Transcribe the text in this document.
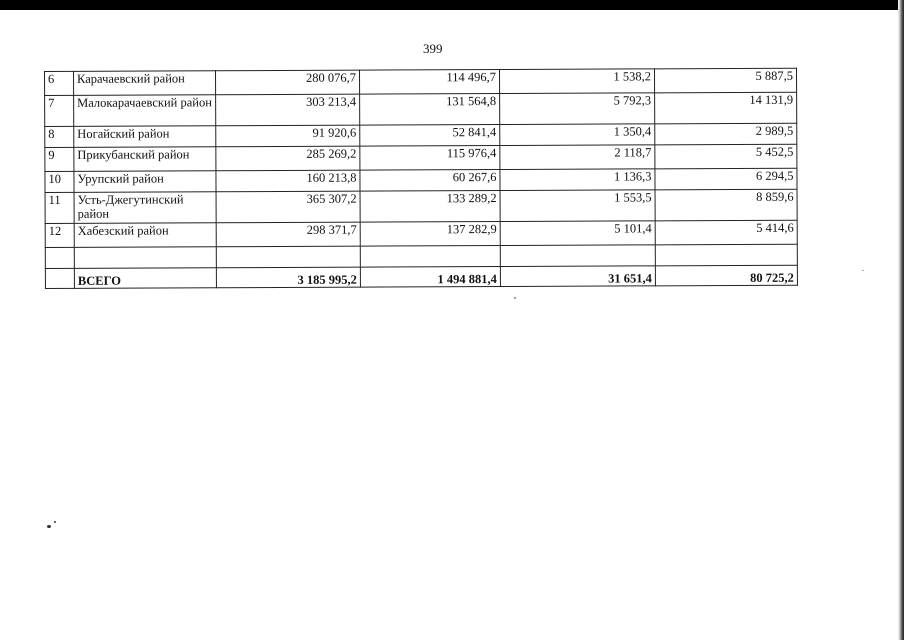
399
6	Карачаевский район	280 076,7	114 496,7	1 538,2	5 887,5
7	Малокарачаевский район	303 213,4	131 564,8	5 792,3	14 131,9
8	Ногайский район	91 920,6	52 841,4	1 350,4	2 989,5
9	Прикубанский район	285 269,2	115 976,4	2 118,7	5 452,5
10	Урупский район	160 213,8	60 267,6	1 136,3	6 294,5
11	Усть-Джегутинский район	365 307,2	133 289,2	1 553,5	8 859,6
12	Хабезский район	298 371,7	137 282,9	5 101,4	5 414,6

	ВСЕГО	3 185 995,2	1 494 881,4	31 651,4	80 725,2
